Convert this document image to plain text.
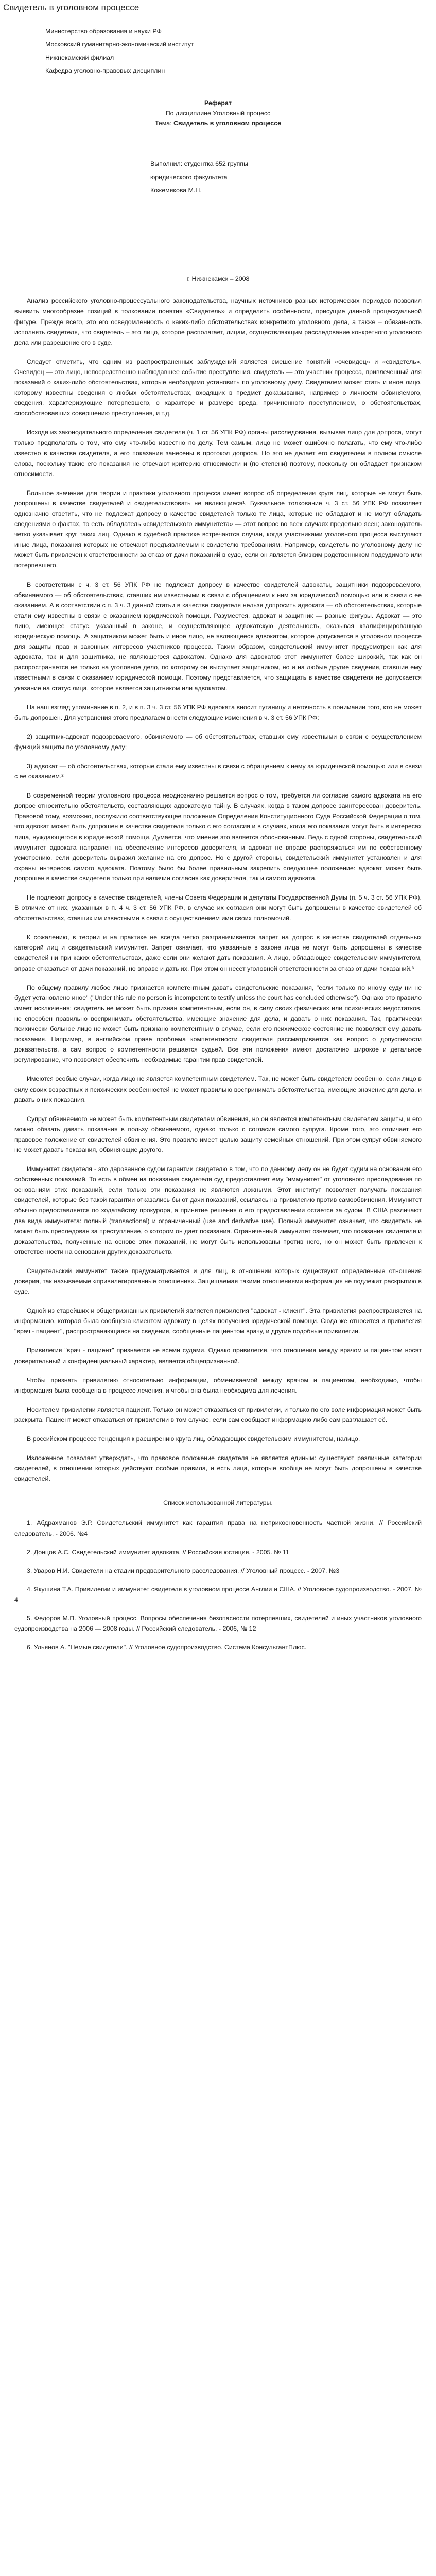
Свидетель в уголовном процессе
Министерство образования и науки РФ
Московский гуманитарно-экономический институт
Нижнекамский филиал
Кафедра уголовно-правовых дисциплин
Реферат
По дисциплине Уголовный процесс
Тема: Свидетель в уголовном процессе
Выполнил: студентка 652 группы
юридического факультета
Кожемякова М.Н.
г. Нижнекамск – 2008

Анализ российского уголовно-процессуального законодательства, научных источников разных исторических периодов позволил выявить многообразие позиций в толковании понятия «Свидетель» и определить особенности, присущие данной процессуальной фигуре. Прежде всего, это его осведомленность о каких-либо обстоятельствах конкретного уголовного дела, а также – обязанность исполнять свидетеля, что свидетель – это лицо, которое располагает, лицам, осуществляющим расследование конкретного уголовного дела или разрешение его в суде.

Следует отметить, что одним из распространенных заблуждений является смешение понятий «очевидец» и «свидетель». Очевидец — это лицо, непосредственно наблюдавшее событие преступления, свидетель — это участник процесса, привлеченный для показаний о каких-либо обстоятельствах, которые необходимо установить по уголовному делу. Свидетелем может стать и иное лицо, которому известны сведения о любых обстоятельствах, входящих в предмет доказывания, например о личности обвиняемого, сведения, характеризующие потерпевшего, о характере и размере вреда, причиненного преступлением, о обстоятельствах, способствовавших совершению преступления, и т.д.

Исходя из законодательного определения свидетеля (ч. 1 ст. 56 УПК РФ) органы расследования, вызывая лицо для допроса, могут только предполагать о том, что ему что-либо известно по делу. Тем самым, лицо не может ошибочно полагать, что ему что-либо известно в качестве свидетеля, а его показания занесены в протокол допроса. Но это не делает его свидетелем в полном смысле слова, поскольку такие его показания не отвечают критерию относимости и (по степени) поэтому, поскольку он обладает признаком относимости.

Большое значение для теории и практики уголовного процесса имеет вопрос об определении круга лиц, которые не могут быть допрошены в качестве свидетелей и свидетельствовать не являющиеся¹. Буквальное толкование ч. 3 ст. 56 УПК РФ позволяет однозначно ответить, что не подлежат допросу в качестве свидетелей только те лица, которые не обладают и не могут обладать сведениями о фактах, то есть обладатель «свидетельского иммунитета» — этот вопрос во всех случаях предельно ясен; законодатель четко указывает круг таких лиц. Однако в судебной практике встречаются случаи, когда участниками уголовного процесса выступают иные лица, показания которых не отвечают предъявляемым к свидетелю требованиям. Например, свидетель по уголовному делу не может быть привлечен к ответственности за отказ от дачи показаний в суде, если он является близким родственником подсудимого или потерпевшего.

В соответствии с ч. 3 ст. 56 УПК РФ не подлежат допросу в качестве свидетелей адвокаты, защитники подозреваемого, обвиняемого — об обстоятельствах, ставших им известными в связи с обращением к ним за юридической помощью или в связи с ее оказанием. А в соответствии с п. 3 ч. 3 данной статьи в качестве свидетеля нельзя допросить адвоката — об обстоятельствах, которые стали ему известны в связи с оказанием юридической помощи. Разумеется, адвокат и защитник — разные фигуры. Адвокат — это лицо, имеющее статус, указанный в законе, и осуществляющее адвокатскую деятельность, оказывая квалифицированную юридическую помощь. А защитником может быть и иное лицо, не являющееся адвокатом, которое допускается в уголовном процессе для защиты прав и законных интересов участников процесса. Таким образом, свидетельский иммунитет предусмотрен как для адвоката, так и для защитника, не являющегося адвокатом. Однако для адвокатов этот иммунитет более широкий, так как он распространяется не только на уголовное дело, по которому он выступает защитником, но и на любые другие сведения, ставшие ему известными в связи с оказанием юридической помощи. Поэтому представляется, что защищать в качестве свидетеля не допускается указание на статус лица, которое является защитником или адвокатом.

На наш взгляд упоминание в п. 2, и в п. 3 ч. 3 ст. 56 УПК РФ адвоката вносит путаницу и неточность в понимании того, кто не может быть допрошен. Для устранения этого предлагаем внести следующие изменения в ч. 3 ст. 56 УПК РФ:

2) защитник-адвокат подозреваемого, обвиняемого — об обстоятельствах, ставших ему известными в связи с осуществлением функций защиты по уголовному делу;

3) адвокат — об обстоятельствах, которые стали ему известны в связи с обращением к нему за юридической помощью или в связи с ее оказанием.²

В современной теории уголовного процесса неоднозначно решается вопрос о том, требуется ли согласие самого адвоката на его допрос относительно обстоятельств, составляющих адвокатскую тайну. В случаях, когда в таком допросе заинтересован доверитель. Правовой тому, возможно, послужило соответствующее положение Определения Конституционного Суда Российской Федерации о том, что адвокат может быть допрошен в качестве свидетеля только с его согласия и в случаях, когда его показания могут быть в интересах лица, нуждающегося в юридической помощи. Думается, что мнение это является обоснованным. Ведь с одной стороны, свидетельский иммунитет адвоката направлен на обеспечение интересов доверителя, и адвокат не вправе распоряжаться им по собственному усмотрению, если доверитель выразил желание на его допрос. Но с другой стороны, свидетельский иммунитет установлен и для охраны интересов самого адвоката. Поэтому было бы более правильным закрепить следующее положение: адвокат может быть допрошен в качестве свидетеля только при наличии согласия как доверителя, так и самого адвоката.

Не подлежит допросу в качестве свидетелей, члены Совета Федерации и депутаты Государственной Думы (п. 5 ч. 3 ст. 56 УПК РФ). В отличие от них, указанных в п. 4 ч. 3 ст. 56 УПК РФ, в случае их согласия они могут быть допрошены в качестве свидетелей об обстоятельствах, ставших им известными в связи с осуществлением ими своих полномочий.

К сожалению, в теории и на практике не всегда четко разграничивается запрет на допрос в качестве свидетелей отдельных категорий лиц и свидетельский иммунитет. Запрет означает, что указанные в законе лица не могут быть допрошены в качестве свидетелей ни при каких обстоятельствах, даже если они желают дать показания. А лицо, обладающее свидетельским иммунитетом, вправе отказаться от дачи показаний, но вправе и дать их. При этом он несет уголовной ответственности за отказ от дачи показаний.³

По общему правилу любое лицо признается компетентным давать свидетельские показания, "если только по иному суду ни не будет установлено иное" ("Under this rule no person is incompetent to testify unless the court has concluded otherwise"). Однако это правило имеет исключения: свидетель не может быть признан компетентным, если он, в силу своих физических или психических недостатков, не способен правильно воспринимать обстоятельства, имеющие значение для дела, и давать о них показания. Так, практически психически больное лицо не может быть признано компетентным в случае, если его психическое состояние не позволяет ему давать показания. Например, в английском праве проблема компетентности свидетеля рассматривается как вопрос о допустимости доказательств, а сам вопрос о компетентности решается судьей. Все эти положения имеют достаточно широкое и детальное регулирование, что позволяет обеспечить необходимые гарантии прав свидетелей.

Имеются особые случаи, когда лицо не является компетентным свидетелем. Так, не может быть свидетелем особенно, если лицо в силу своих возрастных и психических особенностей не может правильно воспринимать обстоятельства, имеющие значение для дела, и давать о них показания.

Супруг обвиняемого не может быть компетентным свидетелем обвинения, но он является компетентным свидетелем защиты, и его можно обязать давать показания в пользу обвиняемого, однако только с согласия самого супруга. Кроме того, это отличает его правовое положение от свидетелей обвинения. Это правило имеет целью защиту семейных отношений. При этом супруг обвиняемого не может давать показания, обвиняющие другого.

Иммунитет свидетеля - это дарованное судом гарантии свидетелю в том, что по данному делу он не будет судим на основании его собственных показаний. То есть в обмен на показания свидетеля суд предоставляет ему "иммунитет" от уголовного преследования по основаниям этих показаний, если только эти показания не являются ложными. Этот институт позволяет получать показания свидетелей, которые без такой гарантии отказались бы от дачи показаний, ссылаясь на привилегию против самообвинения. Иммунитет обычно предоставляется по ходатайству прокурора, а принятие решения о его предоставлении остается за судом. В США различают два вида иммунитета: полный (transactional) и ограниченный (use and derivative use). Полный иммунитет означает, что свидетель не может быть преследован за преступление, о котором он дает показания. Ограниченный иммунитет означает, что показания свидетеля и доказательства, полученные на основе этих показаний, не могут быть использованы против него, но он может быть привлечен к ответственности на основании других доказательств.

Свидетельский иммунитет также предусматривается и для лиц, в отношении которых существуют определенные отношения доверия, так называемые «привилегированные отношения». Защищаемая такими отношениями информация не подлежит раскрытию в суде.

Одной из старейших и общепризнанных привилегий является привилегия "адвокат - клиент". Эта привилегия распространяется на информацию, которая была сообщена клиентом адвокату в целях получения юридической помощи. Сюда же относится и привилегия "врач - пациент", распространяющаяся на сведения, сообщенные пациентом врачу, и другие подобные привилегии.

Привилегия "врач - пациент" признается не всеми судами. Однако привилегия, что отношения между врачом и пациентом носят доверительный и конфиденциальный характер, является общепризнанной.

Чтобы признать привилегию относительно информации, обмениваемой между врачом и пациентом, необходимо, чтобы информация была сообщена в процессе лечения, и чтобы она была необходима для лечения.

Носителем привилегии является пациент. Только он может отказаться от привилегии, и только по его воле информация может быть раскрыта. Пациент может отказаться от привилегии в том случае, если сам сообщает информацию либо сам разглашает её.

В российском процессе тенденция к расширению круга лиц, обладающих свидетельским иммунитетом, налицо.

Изложенное позволяет утверждать, что правовое положение свидетеля не является единым: существуют различные категории свидетелей, в отношении которых действуют особые правила, и есть лица, которые вообще не могут быть допрошены в качестве свидетелей.

Список использованной литературы.
1. Абдрахманов Э.Р. Свидетельский иммунитет как гарантия права на неприкосновенность частной жизни. // Российский следователь. - 2006. №4
2. Донцов А.С. Свидетельский иммунитет адвоката. // Российская юстиция. - 2005. № 11
3. Уваров Н.И. Свидетели на стадии предварительного расследования. // Уголовный процесс. - 2007. №3
4. Якушина Т.А. Привилегии и иммунитет свидетеля в уголовном процессе Англии и США. // Уголовное судопроизводство. - 2007. № 4
5. Федоров М.П. Уголовный процесс. Вопросы обеспечения безопасности потерпевших, свидетелей и иных участников уголовного судопроизводства на 2006 — 2008 годы. // Российский следователь. - 2006, № 12
6. Ульянов А. "Немые свидетели". // Уголовное судопроизводство. Система КонсультантПлюс.
